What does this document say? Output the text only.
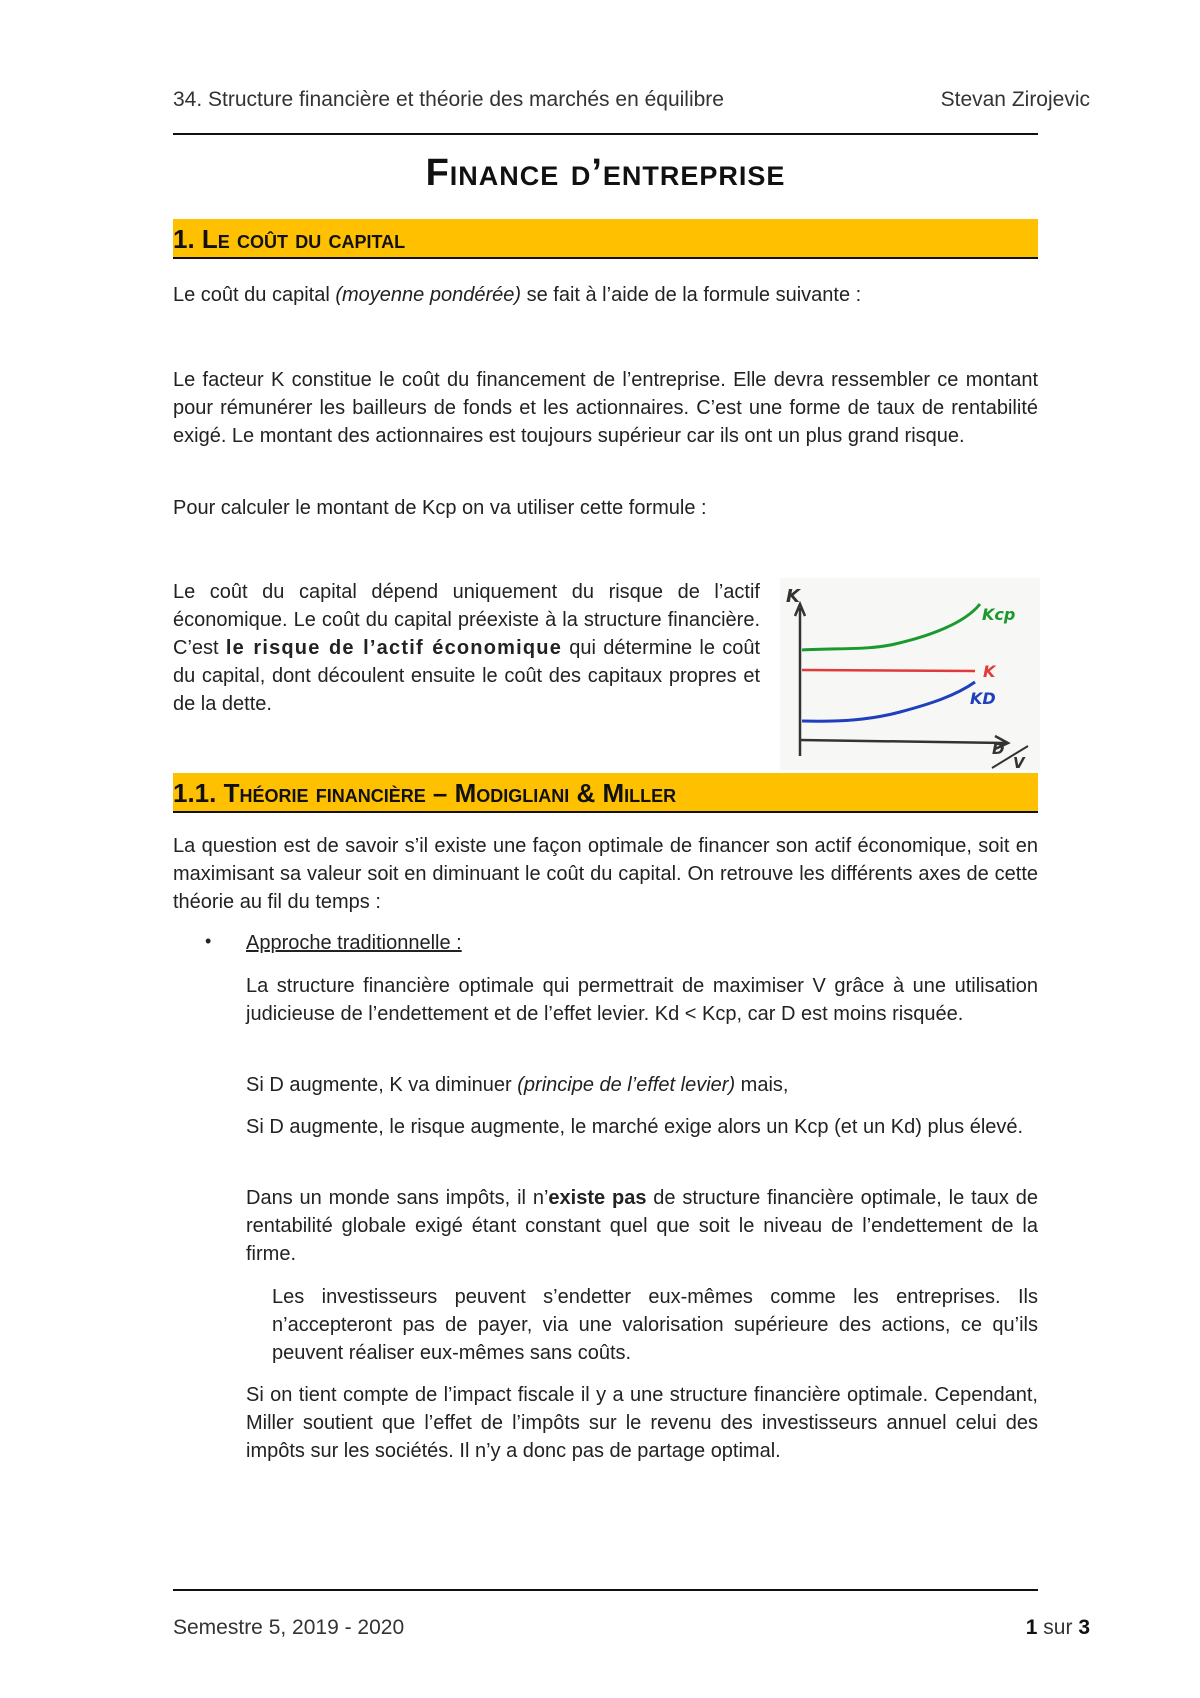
34. Structure financière et théorie des marchés en équilibre	Stevan Zirojevic
Finance d’entreprise
1. Le coût du capital
Le coût du capital (moyenne pondérée) se fait à l’aide de la formule suivante :
Le facteur K constitue le coût du financement de l’entreprise. Elle devra ressembler ce montant pour rémunérer les bailleurs de fonds et les actionnaires. C’est une forme de taux de rentabilité exigé. Le montant des actionnaires est toujours supérieur car ils ont un plus grand risque.
Pour calculer le montant de Kcp on va utiliser cette formule :
Le coût du capital dépend uniquement du risque de l’actif économique. Le coût du capital préexiste à la structure financière. C’est le risque de l’actif économique qui détermine le coût du capital, dont découlent ensuite le coût des capitaux propres et de la dette.
K
D
V
Kcp
K
KD
1.1. Théorie financière – Modigliani & Miller
La question est de savoir s’il existe une façon optimale de financer son actif économique, soit en maximisant sa valeur soit en diminuant le coût du capital. On retrouve les différents axes de cette théorie au fil du temps :
• Approche traditionnelle :
La structure financière optimale qui permettrait de maximiser V grâce à une utilisation judicieuse de l’endettement et de l’effet levier. Kd < Kcp, car D est moins risquée.
Si D augmente, K va diminuer (principe de l’effet levier) mais,
Si D augmente, le risque augmente, le marché exige alors un Kcp (et un Kd) plus élevé.
Dans un monde sans impôts, il n’existe pas de structure financière optimale, le taux de rentabilité globale exigé étant constant quel que soit le niveau de l’endettement de la firme.
Les investisseurs peuvent s’endetter eux-mêmes comme les entreprises. Ils n’accepteront pas de payer, via une valorisation supérieure des actions, ce qu’ils peuvent réaliser eux-mêmes sans coûts.
Si on tient compte de l’impact fiscale il y a une structure financière optimale. Cependant, Miller soutient que l’effet de l’impôts sur le revenu des investisseurs annuel celui des impôts sur les sociétés. Il n’y a donc pas de partage optimal.
Semestre 5, 2019 - 2020	1 sur 3
